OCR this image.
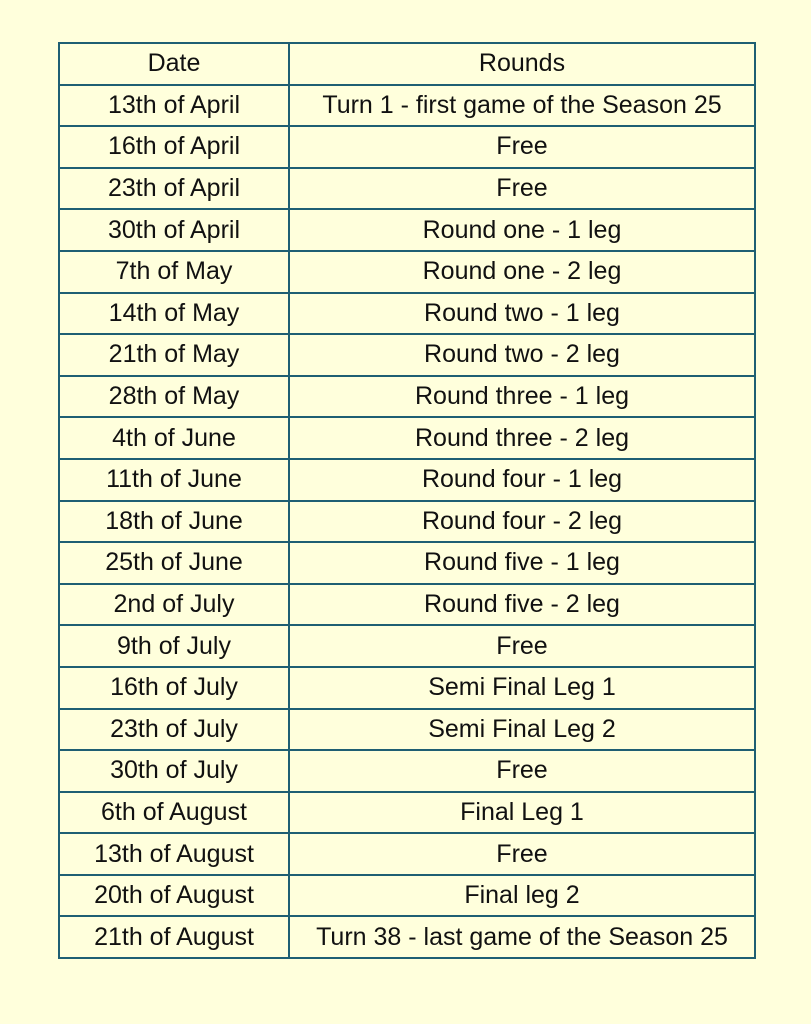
Date	Rounds
13th of April	Turn 1 - first game of the Season 25
16th of April	Free
23th of April	Free
30th of April	Round one - 1 leg
7th of May	Round one - 2 leg
14th of May	Round two - 1 leg
21th of May	Round two - 2 leg
28th of May	Round three - 1 leg
4th of June	Round three - 2 leg
11th of June	Round four - 1 leg
18th of June	Round four - 2 leg
25th of June	Round five - 1 leg
2nd of July	Round five - 2 leg
9th of July	Free
16th of July	Semi Final Leg 1
23th of July	Semi Final Leg 2
30th of July	Free
6th of August	Final Leg 1
13th of August	Free
20th of August	Final leg 2
21th of August	Turn 38 - last game of the Season 25
